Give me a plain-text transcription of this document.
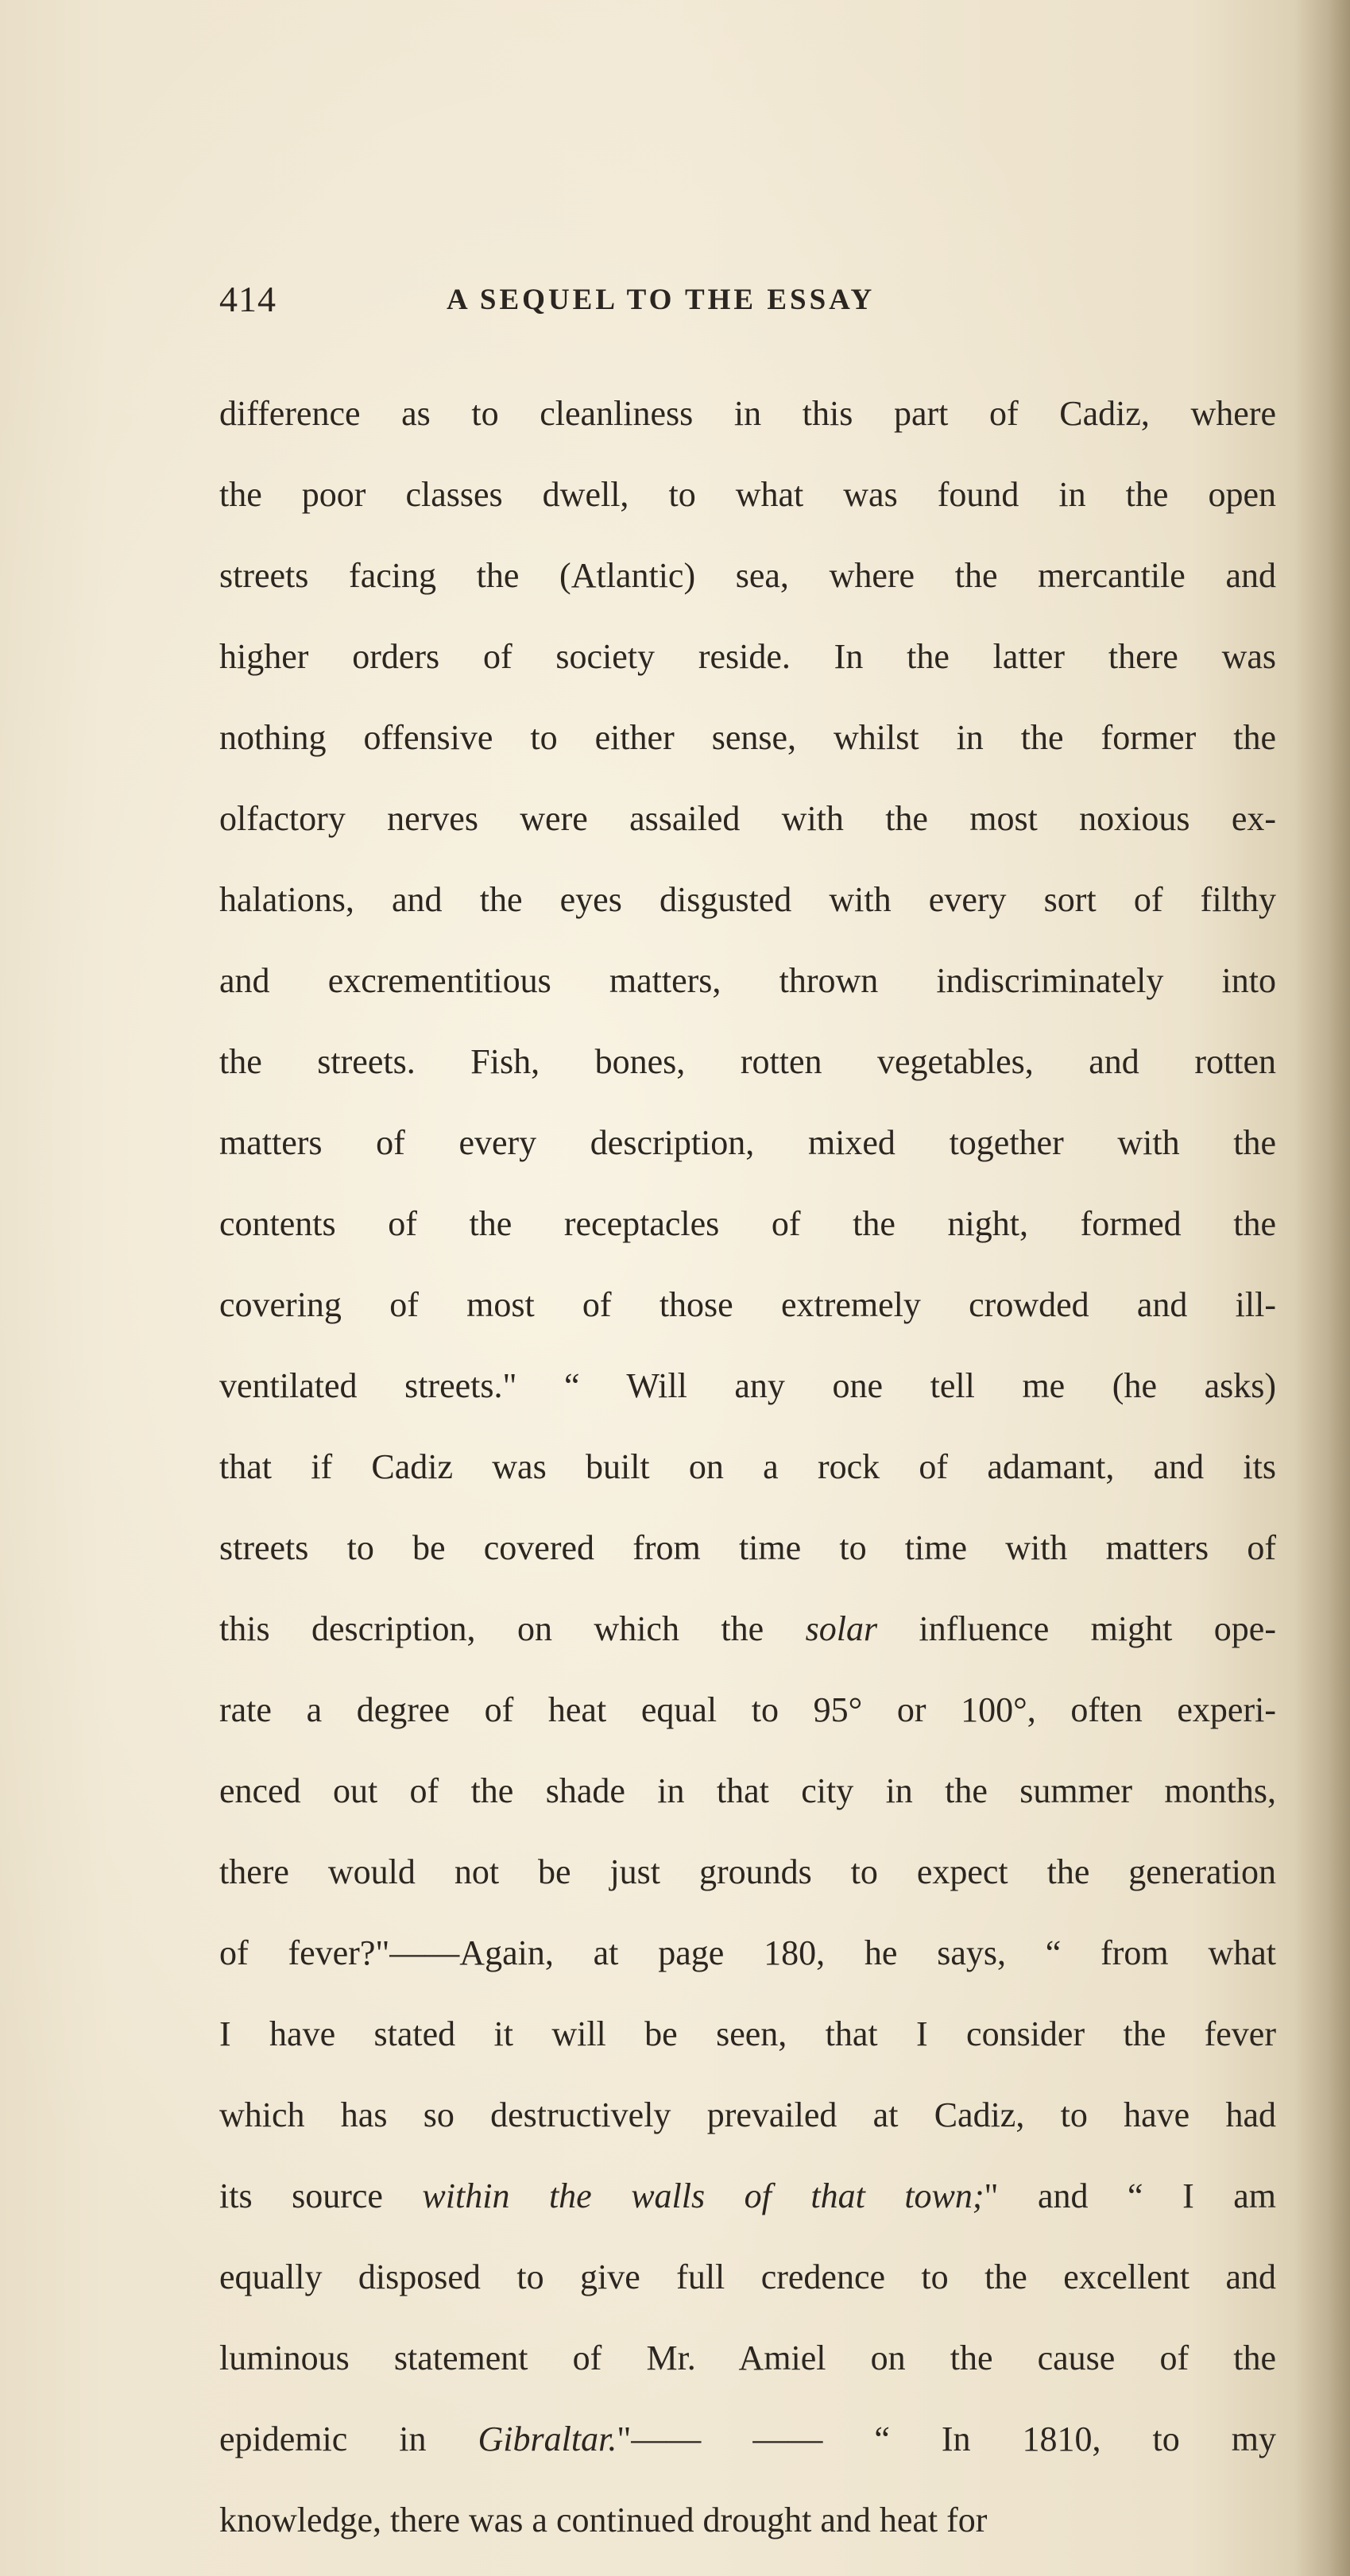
414	A SEQUEL TO THE ESSAY
difference as to cleanliness in this part of Cadiz, where
the poor classes dwell, to what was found in the open
streets facing the (Atlantic) sea, where the mercantile and
higher orders of society reside. In the latter there was
nothing offensive to either sense, whilst in the former the
olfactory nerves were assailed with the most noxious ex-
halations, and the eyes disgusted with every sort of filthy
and excrementitious matters, thrown indiscriminately into
the streets. Fish, bones, rotten vegetables, and rotten
matters of every description, mixed together with the
contents of the receptacles of the night, formed the
covering of most of those extremely crowded and ill-
ventilated streets." “ Will any one tell me (he asks)
that if Cadiz was built on a rock of adamant, and its
streets to be covered from time to time with matters of
this description, on which the solar influence might ope-
rate a degree of heat equal to 95° or 100°, often experi-
enced out of the shade in that city in the summer months,
there would not be just grounds to expect the generation
of fever?"——Again, at page 180, he says, “ from what
I have stated it will be seen, that I consider the fever
which has so destructively prevailed at Cadiz, to have had
its source within the walls of that town;" and “ I am
equally disposed to give full credence to the excellent and
luminous statement of Mr. Amiel on the cause of the
epidemic in Gibraltar."—— —— “ In 1810, to my
knowledge, there was a continued drought and heat for
